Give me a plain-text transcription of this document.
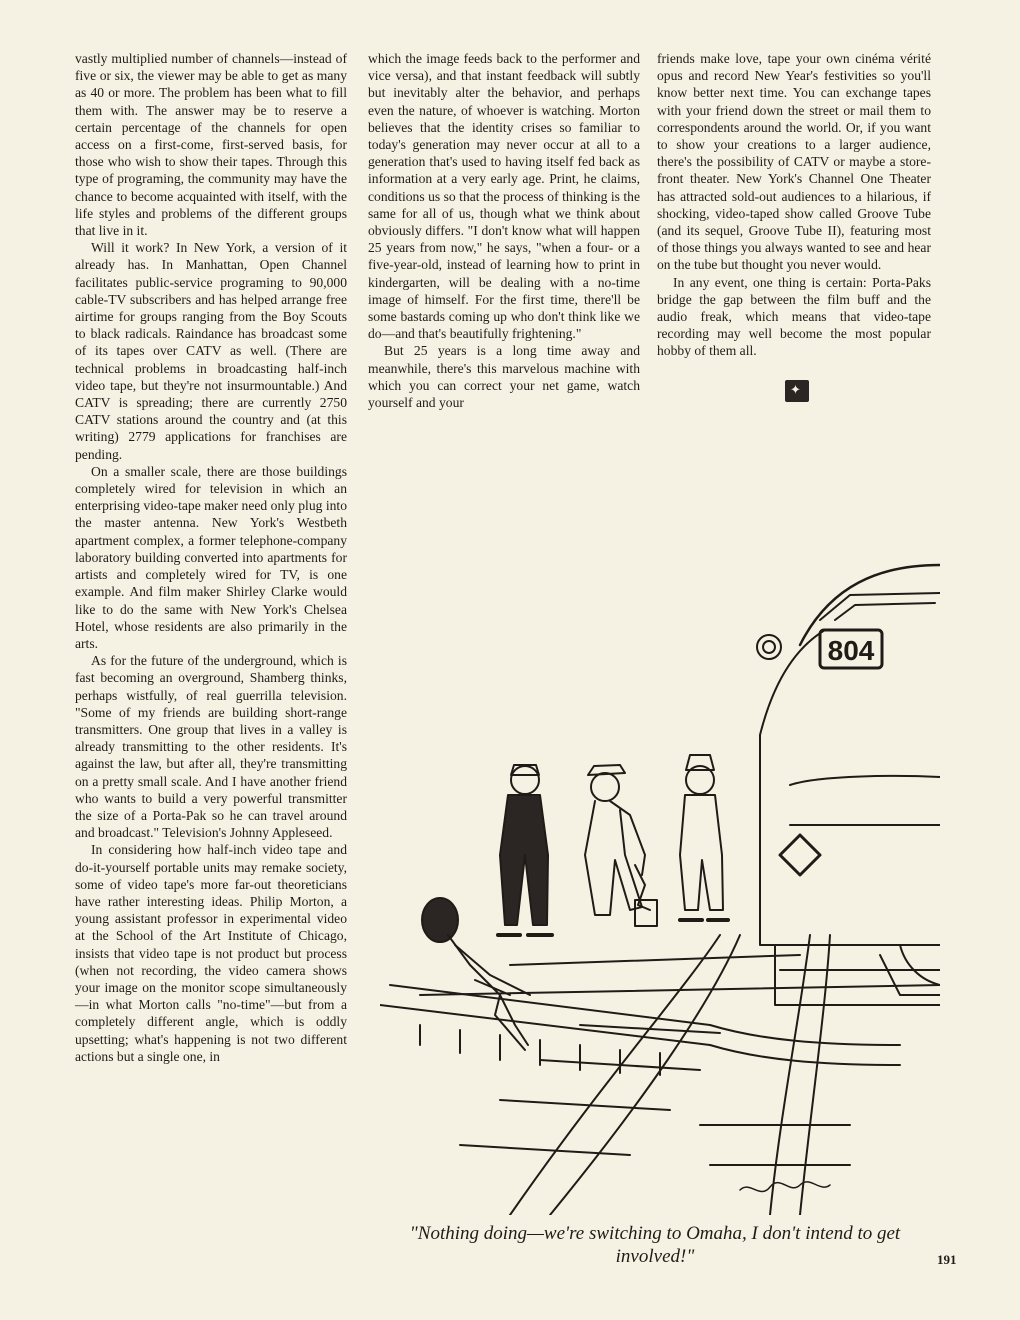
vastly multiplied number of channels—instead of five or six, the viewer may be able to get as many as 40 or more. The problem has been what to fill them with. The answer may be to reserve a certain percentage of the channels for open access on a first-come, first-served basis, for those who wish to show their tapes. Through this type of programing, the community may have the chance to become acquainted with itself, with the life styles and problems of the different groups that live in it.

Will it work? In New York, a version of it already has. In Manhattan, Open Channel facilitates public-service programing to 90,000 cable-TV subscribers and has helped arrange free airtime for groups ranging from the Boy Scouts to black radicals. Raindance has broadcast some of its tapes over CATV as well. (There are technical problems in broadcasting half-inch video tape, but they're not insurmountable.) And CATV is spreading; there are currently 2750 CATV stations around the country and (at this writing) 2779 applications for franchises are pending.

On a smaller scale, there are those buildings completely wired for television in which an enterprising video-tape maker need only plug into the master antenna. New York's Westbeth apartment complex, a former telephone-company laboratory building converted into apartments for artists and completely wired for TV, is one example. And film maker Shirley Clarke would like to do the same with New York's Chelsea Hotel, whose residents are also primarily in the arts.

As for the future of the underground, which is fast becoming an overground, Shamberg thinks, perhaps wistfully, of real guerrilla television. "Some of my friends are building short-range transmitters. One group that lives in a valley is already transmitting to the other residents. It's against the law, but after all, they're transmitting on a pretty small scale. And I have another friend who wants to build a very powerful transmitter the size of a Porta-Pak so he can travel around and broadcast." Television's Johnny Appleseed.

In considering how half-inch video tape and do-it-yourself portable units may remake society, some of video tape's more far-out theoreticians have rather interesting ideas. Philip Morton, a young assistant professor in experimental video at the School of the Art Institute of Chicago, insists that video tape is not product but process (when not recording, the video camera shows your image on the monitor scope simultaneously—in what Morton calls "no-time"—but from a completely different angle, which is oddly upsetting; what's happening is not two different actions but a single one, in

which the image feeds back to the performer and vice versa), and that instant feedback will subtly but inevitably alter the behavior, and perhaps even the nature, of whoever is watching. Morton believes that the identity crises so familiar to today's generation may never occur at all to a generation that's used to having itself fed back as information at a very early age. Print, he claims, conditions us so that the process of thinking is the same for all of us, though what we think about obviously differs. "I don't know what will happen 25 years from now," he says, "when a four- or a five-year-old, instead of learning how to print in kindergarten, will be dealing with a no-time image of himself. For the first time, there'll be some bastards coming up who don't think like we do—and that's beautifully frightening."

But 25 years is a long time away and meanwhile, there's this marvelous machine with which you can correct your net game, watch yourself and your

friends make love, tape your own cinéma vérité opus and record New Year's festivities so you'll know better next time. You can exchange tapes with your friend down the street or mail them to correspondents around the world. Or, if you want to show your creations to a larger audience, there's the possibility of CATV or maybe a store-front theater. New York's Channel One Theater has attracted sold-out audiences to a hilarious, if shocking, video-taped show called Groove Tube (and its sequel, Groove Tube II), featuring most of those things you always wanted to see and hear on the tube but thought you never would.

In any event, one thing is certain: Porta-Paks bridge the gap between the film buff and the audio freak, which means that video-tape recording may well become the most popular hobby of them all.

✦
804
"Nothing doing—we're switching to Omaha, I don't intend to get involved!"	191
